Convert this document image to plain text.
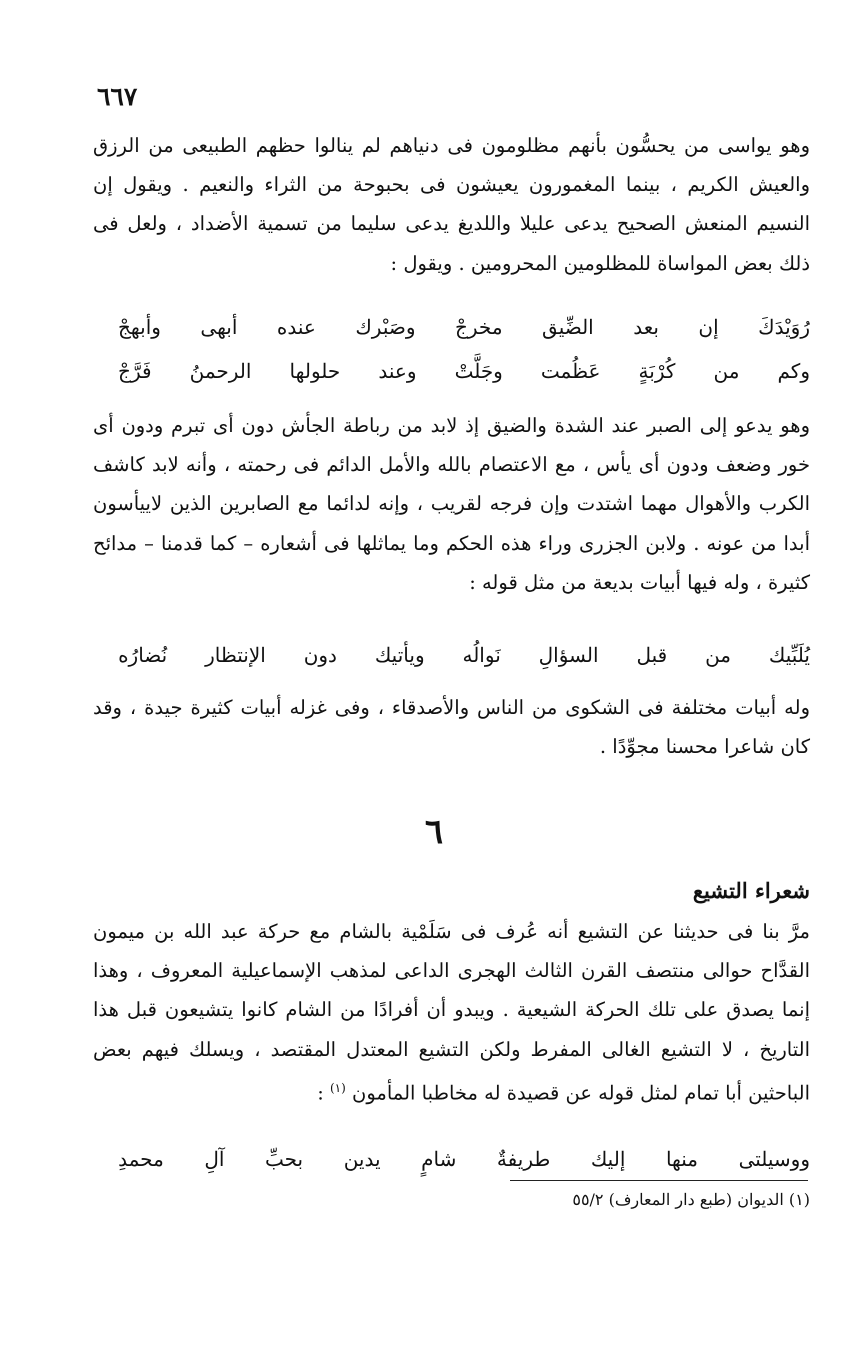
٦٦٧

وهو يواسى من يحسُّون بأنهم مظلومون فى دنياهم لم ينالوا حظهم الطبيعى من الرزق والعيش الكريم ، بينما المغمورون يعيشون فى بحبوحة من الثراء والنعيم . ويقول إن النسيم المنعش الصحيح يدعى عليلا واللديغ يدعى سليما من تسمية الأضداد ، ولعل فى ذلك بعض المواساة للمظلومين المحرومين . ويقول :

رُوَيْدَكَ
إن
بعد
الضِّيق
مخرجْ
وصَبْرك
عنده
أبهى
وأبهجْ
وكم
من
كُرْبَةٍ
عَظُمت
وجَلَّتْ
وعند
حلولها
الرحمنُ
فَرَّجْ

وهو يدعو إلى الصبر عند الشدة والضيق إذ لابد من رباطة الجأش دون أى تبرم ودون أى خور وضعف ودون أى يأس ، مع الاعتصام بالله والأمل الدائم فى رحمته ، وأنه لابد كاشف الكرب والأهوال مهما اشتدت وإن فرجه لقريب ، وإنه لدائما مع الصابرين الذين لاييأسون أبدا من عونه . ولابن الجزرى وراء هذه الحكم وما يماثلها فى أشعاره – كما قدمنا – مدائح كثيرة ، وله فيها أبيات بديعة من مثل قوله :

يُلَبِّيك
من
قبل
السؤالِ
نَوالُه
ويأتيك
دون
الإنتظار
نُضارُه

وله أبيات مختلفة فى الشكوى من الناس والأصدقاء ، وفى غزله أبيات كثيرة جيدة ، وقد كان شاعرا محسنا مجوِّدًا .

٦
شعراء التشيع

مرَّ بنا فى حديثنا عن التشيع أنه عُرف فى سَلَمْية بالشام مع حركة عبد الله بن ميمون القدَّاح حوالى منتصف القرن الثالث الهجرى الداعى لمذهب الإسماعيلية المعروف ، وهذا إنما يصدق على تلك الحركة الشيعية . ويبدو أن أفرادًا من الشام كانوا يتشيعون قبل هذا التاريخ ، لا التشيع الغالى المفرط ولكن التشيع المعتدل المقتصد ، ويسلك فيهم بعض الباحثين أبا تمام لمثل قوله عن قصيدة له مخاطبا المأمون $^{(١)}$ :

ووسيلتى
منها
إليك
طريفةٌ
شامٍ
يدين
بحبِّ
آلِ
محمدِ
(١) الديوان (طبع دار المعارف) ٥٥/٢
